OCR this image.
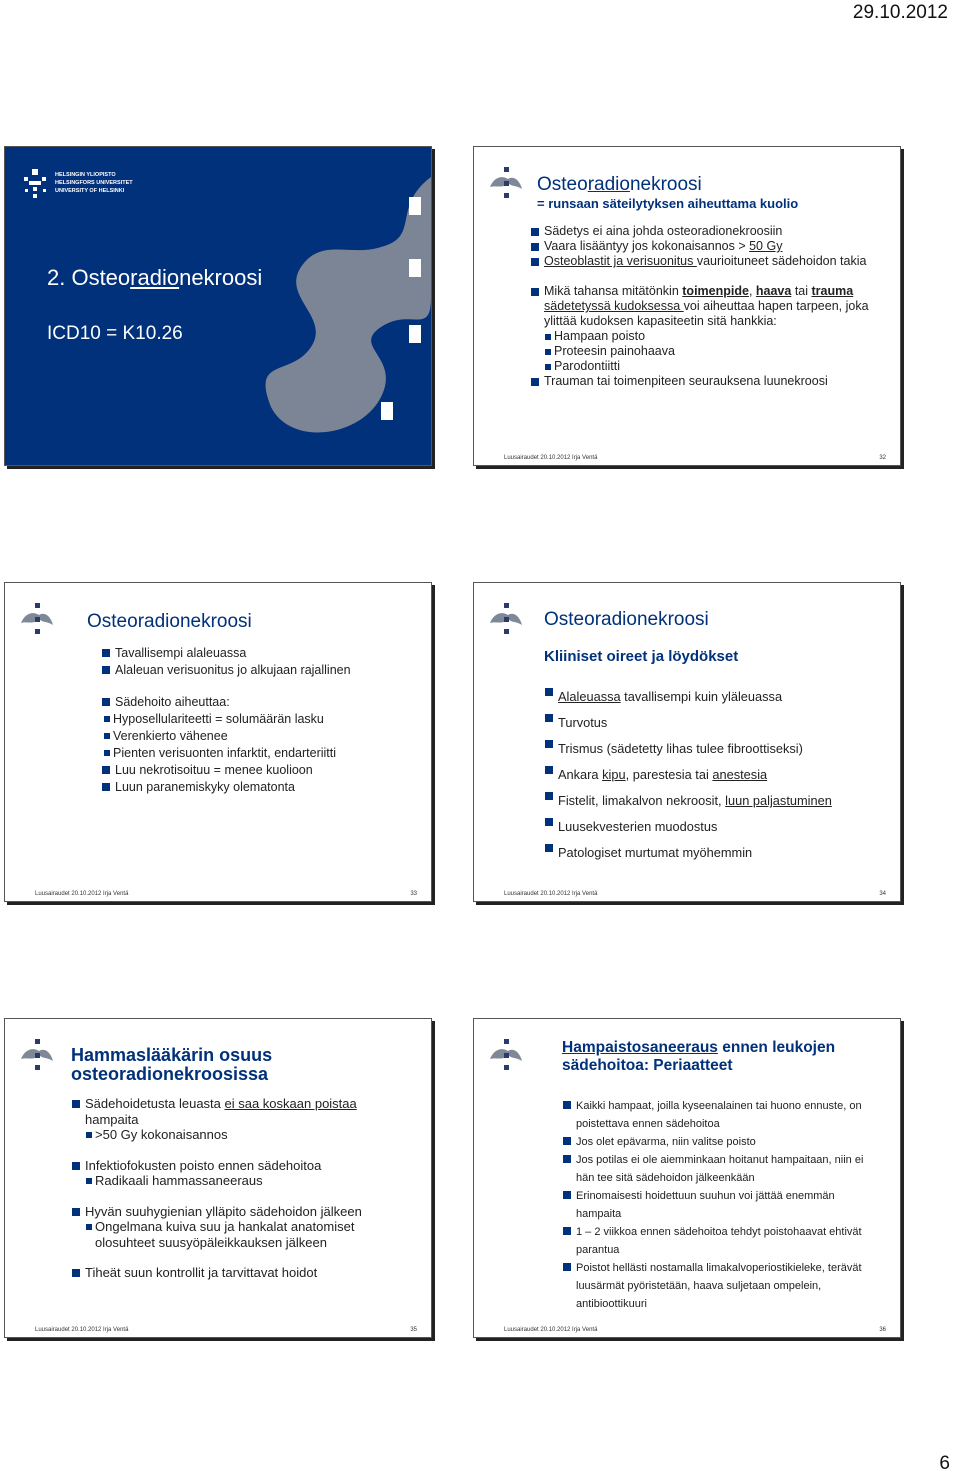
29.10.2012
HELSINGIN YLIOPISTO
HELSINGFORS UNIVERSITET
UNIVERSITY OF HELSINKI
2. Osteoradionekroosi
ICD10 = K10.26
Osteoradionekroosi
= runsaan säteilytyksen aiheuttama kuolio
Sädetys ei aina johda osteoradionekroosiin
Vaara lisääntyy jos kokonaisannos > 50 Gy
Osteoblastit ja verisuonitus vaurioituneet sädehoidon takia
Mikä tahansa mitätönkin toimenpide, haava tai trauma sädetetyssä kudoksessa voi aiheuttaa hapen tarpeen, joka ylittää kudoksen kapasiteetin sitä hankkia:
Hampaan poisto
Proteesin painohaava
Parodontiitti
Trauman tai toimenpiteen seurauksena luunekroosi
Luusairaudet 20.10.2012 Irja Ventä	32
Osteoradionekroosi
Tavallisempi alaleuassa
Alaleuan verisuonitus jo alkujaan rajallinen
Sädehoito aiheuttaa:
Hyposellulariteetti = solumäärän lasku
Verenkierto vähenee
Pienten verisuonten infarktit, endarteriitti
Luu nekrotisoituu = menee kuolioon
Luun paranemiskyky olematonta
Luusairaudet 20.10.2012 Irja Ventä	33
Osteoradionekroosi
Kliiniset oireet ja löydökset
Alaleuassa tavallisempi kuin yläleuassa
Turvotus
Trismus (sädetetty lihas tulee fibroottiseksi)
Ankara kipu, parestesia tai anestesia
Fistelit, limakalvon nekroosit, luun paljastuminen
Luusekvesterien muodostus
Patologiset murtumat myöhemmin
Luusairaudet 20.10.2012 Irja Ventä	34
Hammaslääkärin osuus
osteoradionekroosissa
Sädehoidetusta leuasta ei saa koskaan poistaa hampaita
>50 Gy kokonaisannos
Infektiofokusten poisto ennen sädehoitoa
Radikaali hammassaneeraus
Hyvän suuhygienian ylläpito sädehoidon jälkeen
Ongelmana kuiva suu ja hankalat anatomiset olosuhteet suusyöpäleikkauksen jälkeen
Tiheät suun kontrollit ja tarvittavat hoidot
Luusairaudet 20.10.2012 Irja Ventä	35
Hampaistosaneeraus ennen leukojen
sädehoitoa: Periaatteet
Kaikki hampaat, joilla kyseenalainen tai huono ennuste, on poistettava ennen sädehoitoa
Jos olet epävarma, niin valitse poisto
Jos potilas ei ole aiemminkaan hoitanut hampaitaan, niin ei hän tee sitä sädehoidon jälkeenkään
Erinomaisesti hoidettuun suuhun voi jättää enemmän hampaita
1 – 2 viikkoa ennen sädehoitoa tehdyt poistohaavat ehtivät parantua
Poistot hellästi nostamalla limakalvoperiostikieleke, terävät luusärmät pyöristetään, haava suljetaan ompelein, antibioottikuuri
Luusairaudet 20.10.2012 Irja Ventä	36
6
